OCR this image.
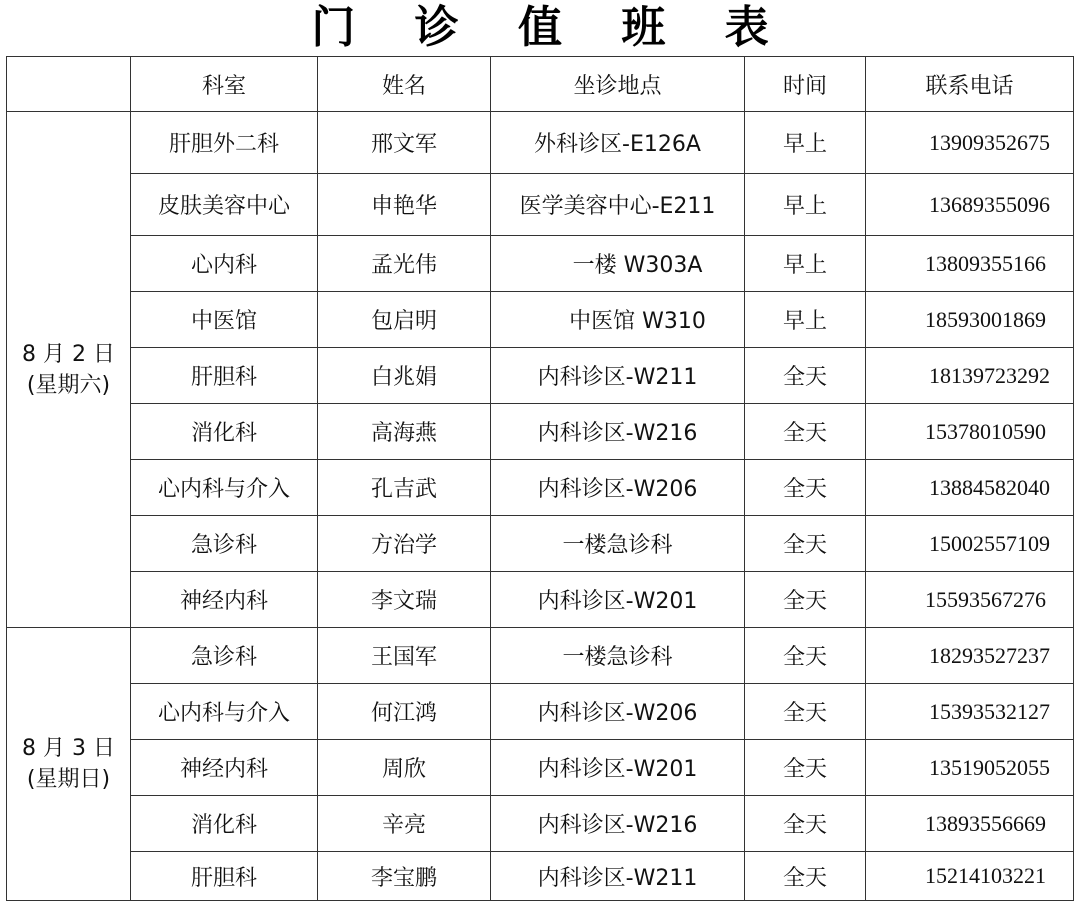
门 诊 值 班 表
	科室	姓名	坐诊地点	时间	联系电话

8 月 2 日
(星期六)	肝胆外二科	邢文军	外科诊区-E126A	早上	13909352675
	皮肤美容中心	申艳华	医学美容中心-E211	早上	13689355096
	心内科	孟光伟	一楼 W303A	早上	13809355166
	中医馆	包启明	中医馆 W310	早上	18593001869
	肝胆科	白兆娟	内科诊区-W211	全天	18139723292
	消化科	高海燕	内科诊区-W216	全天	15378010590
	心内科与介入	孔吉武	内科诊区-W206	全天	13884582040
	急诊科	方治学	一楼急诊科	全天	15002557109
	神经内科	李文瑞	内科诊区-W201	全天	15593567276

8 月 3 日
(星期日)	急诊科	王国军	一楼急诊科	全天	18293527237
	心内科与介入	何江鸿	内科诊区-W206	全天	15393532127
	神经内科	周欣	内科诊区-W201	全天	13519052055
	消化科	辛亮	内科诊区-W216	全天	13893556669
	肝胆科	李宝鹏	内科诊区-W211	全天	15214103221
